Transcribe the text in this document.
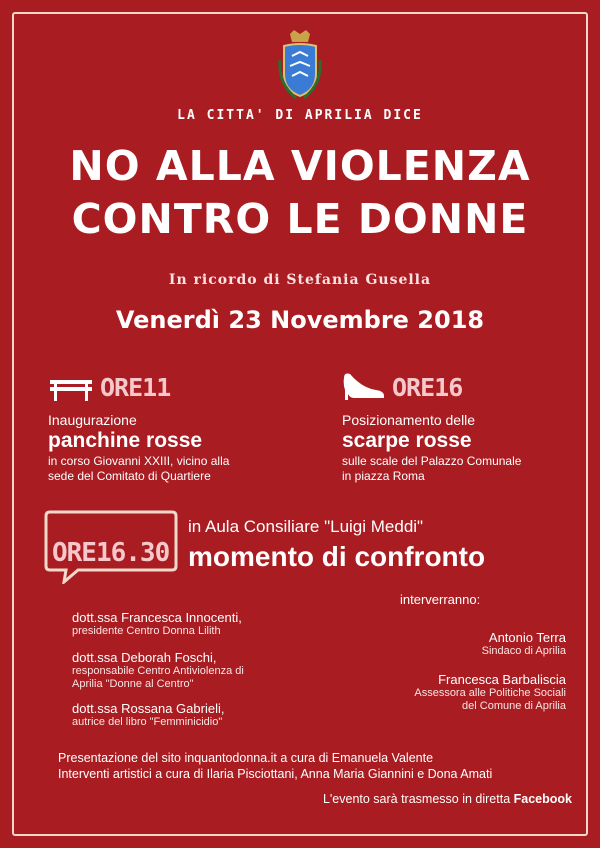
LA CITTA' DI APRILIA DICE
NO ALLA VIOLENZA
CONTRO LE DONNE
In ricordo di Stefania Gusella
Venerdì 23 Novembre 2018
ORE11
Inaugurazione
panchine rosse
in corso Giovanni XXIII, vicino alla
sede del Comitato di Quartiere
ORE16
Posizionamento delle
scarpe rosse
sulle scale del Palazzo Comunale
in piazza Roma
ORE16.30
in Aula Consiliare "Luigi Meddi"
momento di confronto
interverranno:
dott.ssa Francesca Innocenti,
presidente Centro Donna Lilith
dott.ssa Deborah Foschi,
responsabile Centro Antiviolenza di
Aprilia "Donne al Centro"
dott.ssa Rossana Gabrieli,
autrice del libro "Femminicidio"
Antonio Terra
Sindaco di Aprilia
Francesca Barbaliscia
Assessora alle Politiche Sociali
del Comune di Aprilia
Presentazione del sito inquantodonna.it a cura di Emanuela Valente
Interventi artistici a cura di Ilaria Pisciottani, Anna Maria Giannini e Dona Amati
L'evento sarà trasmesso in diretta Facebook
